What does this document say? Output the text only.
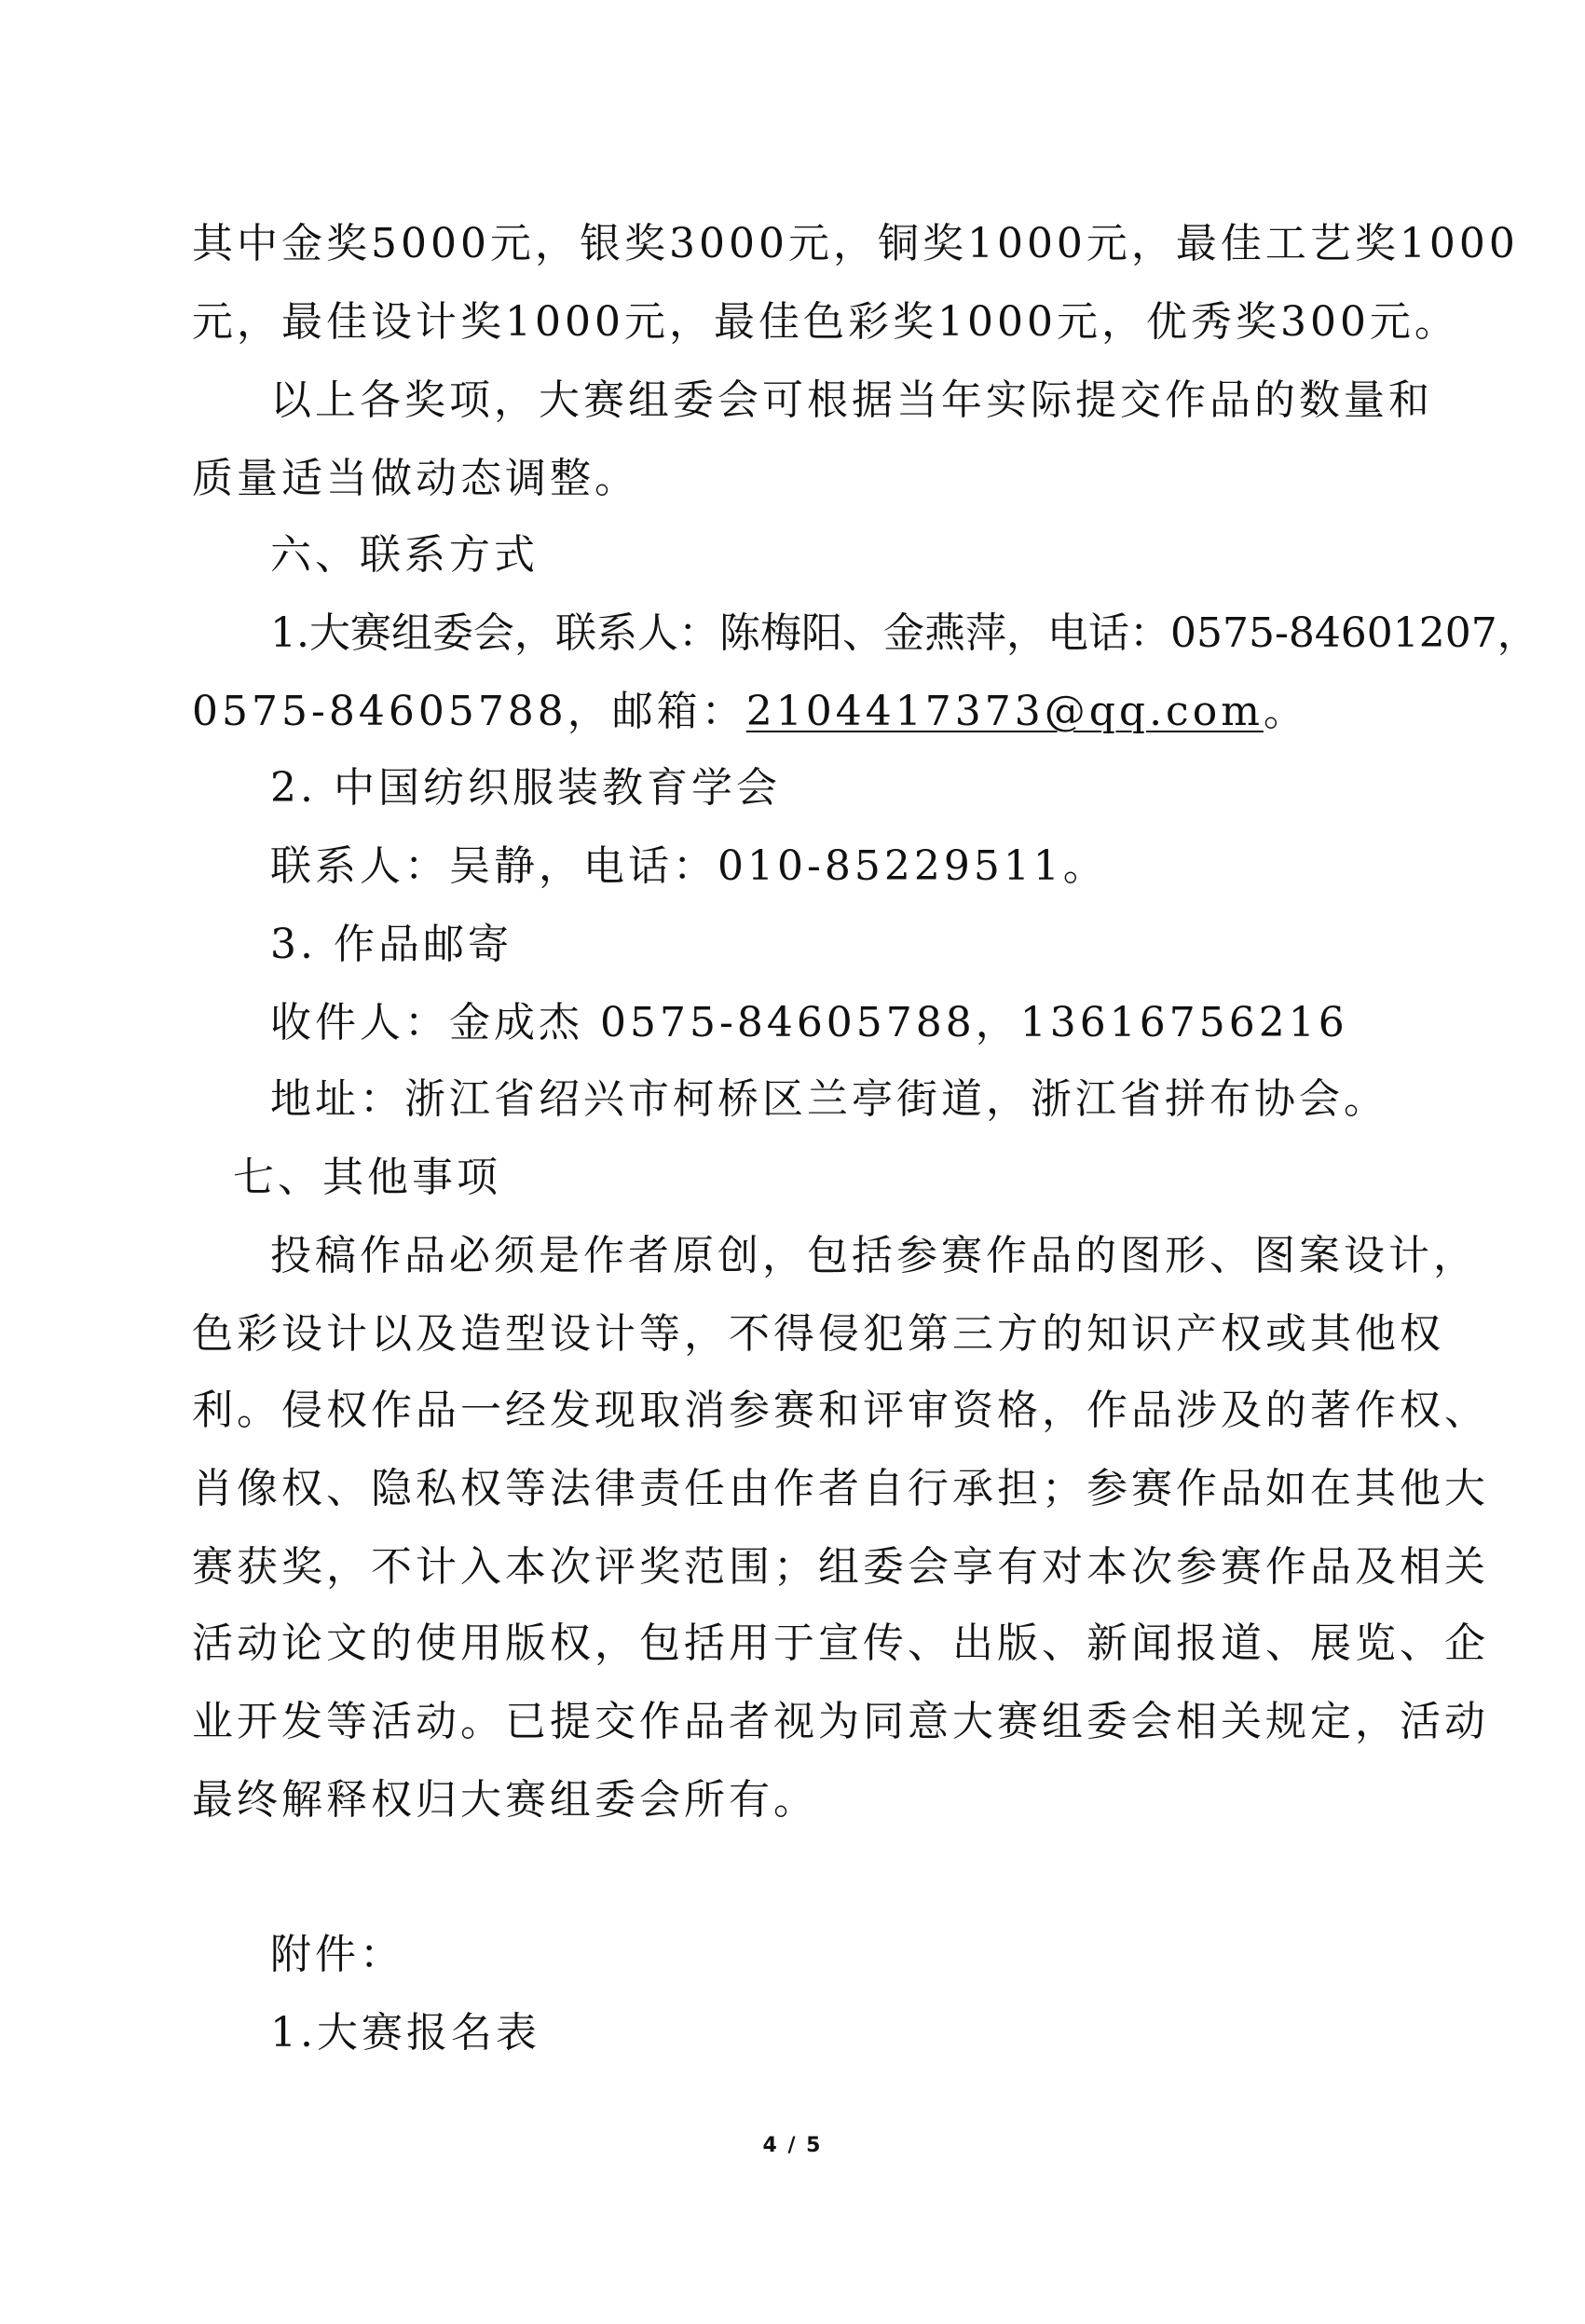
其中金奖5000元，银奖3000元，铜奖1000元，最佳工艺奖1000
元，最佳设计奖1000元，最佳色彩奖1000元，优秀奖300元。
以上各奖项，大赛组委会可根据当年实际提交作品的数量和
质量适当做动态调整。
六、联系方式
1.大赛组委会，联系人：陈梅阳、金燕萍，电话：0575-84601207，
0575-84605788，邮箱：2104417373@qq.com。
2. 中国纺织服装教育学会
联系人：吴静，电话：010-85229511。
3. 作品邮寄
收件人：金成杰 0575-84605788，13616756216
地址：浙江省绍兴市柯桥区兰亭街道，浙江省拼布协会。
七、其他事项
投稿作品必须是作者原创，包括参赛作品的图形、图案设计，
色彩设计以及造型设计等，不得侵犯第三方的知识产权或其他权
利。侵权作品一经发现取消参赛和评审资格，作品涉及的著作权、
肖像权、隐私权等法律责任由作者自行承担；参赛作品如在其他大
赛获奖，不计入本次评奖范围；组委会享有对本次参赛作品及相关
活动论文的使用版权，包括用于宣传、出版、新闻报道、展览、企
业开发等活动。已提交作品者视为同意大赛组委会相关规定，活动
最终解释权归大赛组委会所有。
附件：
1.大赛报名表
4 / 5
